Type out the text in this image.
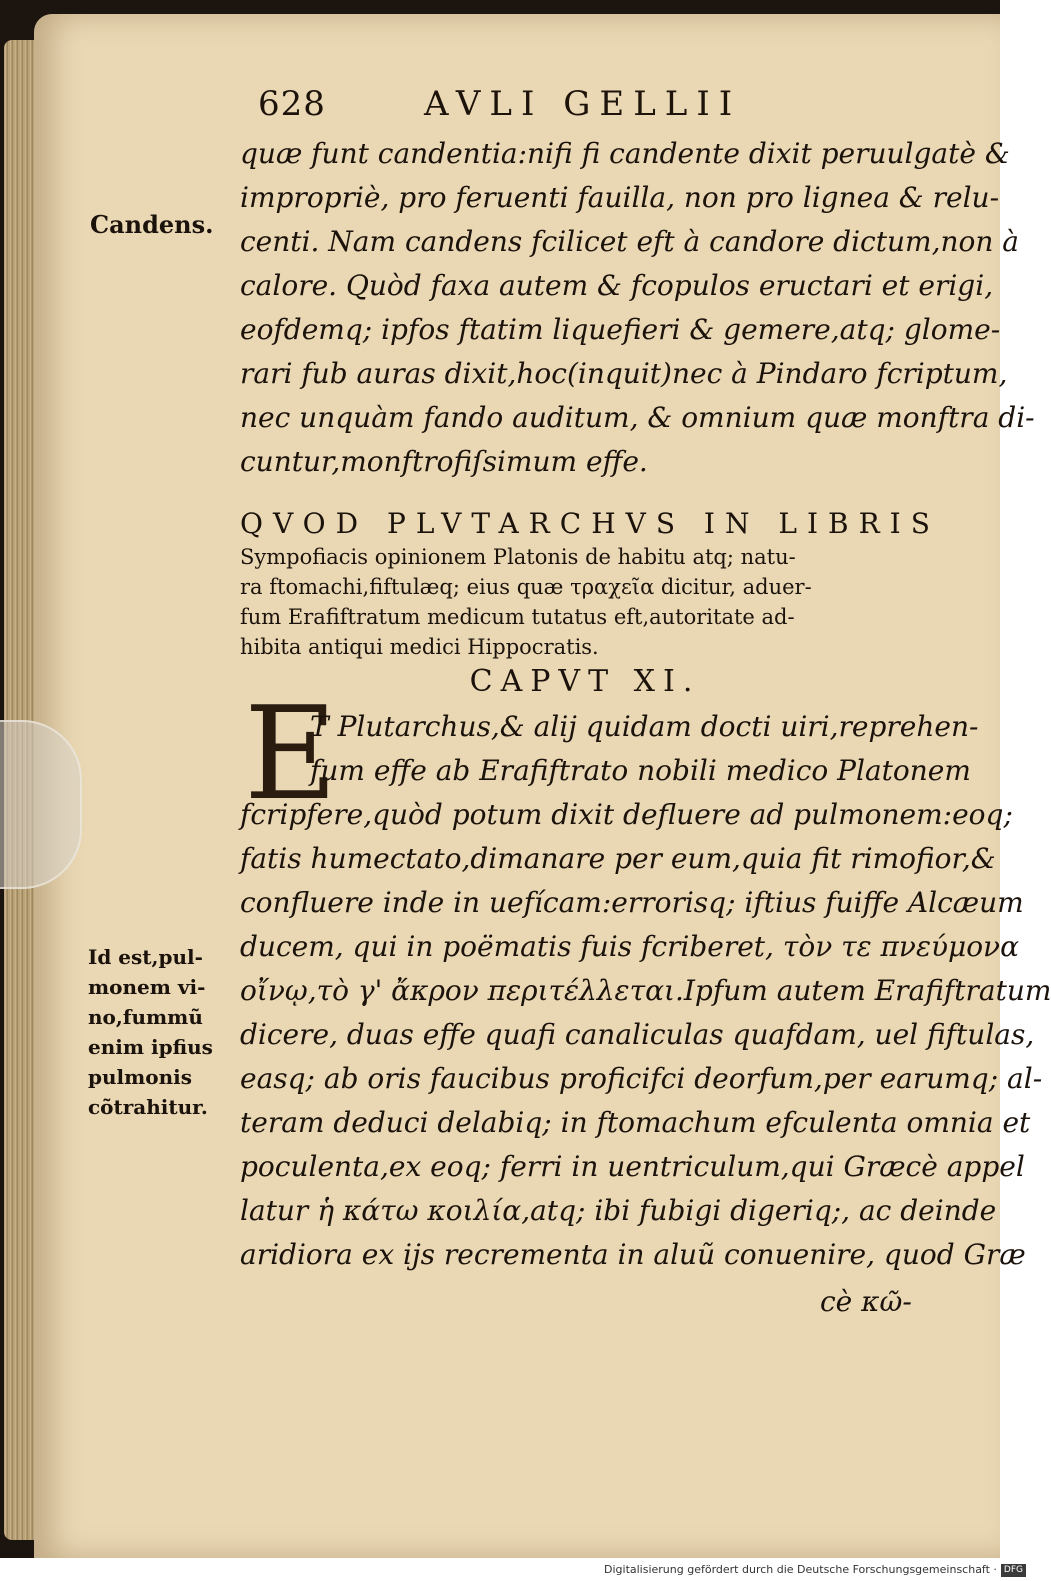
628	AVLI GELLII
Candens.
quæ funt candentia:nifi fi candente dixit peruulgatè &
impropriè, pro feruenti fauilla, non pro lignea & relu-
centi. Nam candens fcilicet eft à candore dictum,non à
calore. Quòd faxa autem & fcopulos eructari et erigi,
eofdemq; ipfos ftatim liquefieri & gemere,atq; glome-
rari fub auras dixit,hoc(inquit)nec à Pindaro fcriptum,
nec unquàm fando auditum, & omnium quæ monftra di-
cuntur,monftrofiſsimum effe.
QVOD PLVTARCHVS IN LIBRIS
Sympofiacis opinionem Platonis de habitu atq; natu-
ra ftomachi,fiftulæq; eius quæ τραχεῖα dicitur, aduer-
fum Erafiftratum medicum tutatus eft,autoritate ad-
hibita antiqui medici Hippocratis.
CAPVT XI.
E
T Plutarchus,& alij quidam docti uiri,reprehen-
fum effe ab Erafiftrato nobili medico Platonem
fcripfere,quòd potum dixit defluere ad pulmonem:eoq;
fatis humectato,dimanare per eum,quia fit rimofior,&
confluere inde in uefícam:errorisq; iftius fuiffe Alcæum
ducem, qui in poëmatis fuis fcriberet, τὸν τε πνεύμονα
οἴνῳ,τὸ γ' ἄκρον περιτέλλεται.Ipfum autem Erafiftratum
dicere, duas effe quafi canaliculas quafdam, uel fiftulas,
easq; ab oris faucibus proficifci deorfum,per earumq; al-
teram deduci delabiq; in ftomachum efculenta omnia et
poculenta,ex eoq; ferri in uentriculum,qui Græcè appel
latur ἡ κάτω κοιλία,atq; ibi fubigi digeriq;, ac deinde
aridiora ex ijs recrementa in aluũ conuenire, quod Græ
Id est,pul-
monem vi-
no,fummũ
enim ipfius
pulmonis
cõtrahitur.
cè κῶ-
Digitalisierung gefördert durch die Deutsche Forschungsgemeinschaft · DFG
